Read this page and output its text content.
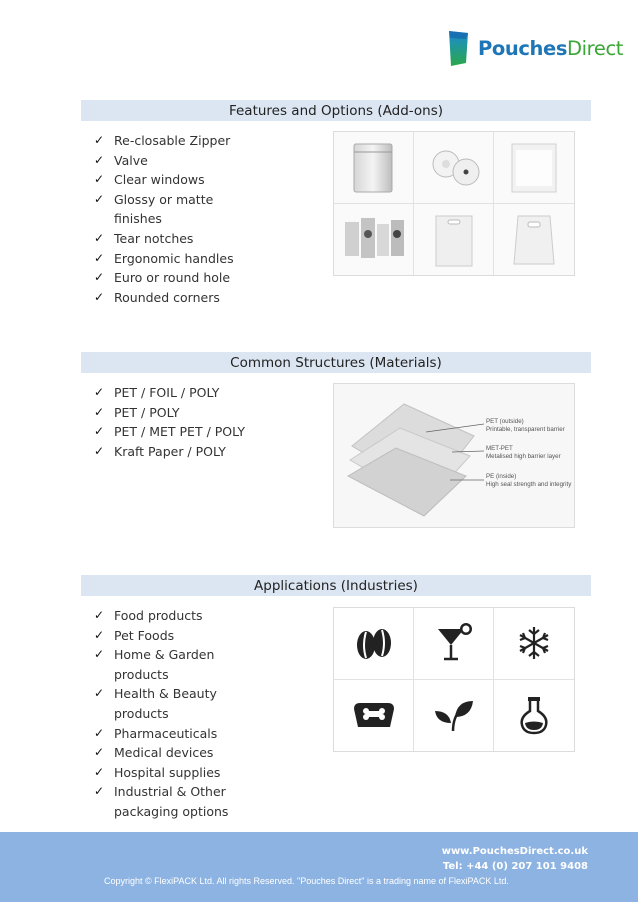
PouchesDirect
Features and Options (Add-ons)
✓ Re-closable Zipper
✓ Valve
✓ Clear windows
✓ Glossy or matte finishes
✓ Tear notches
✓ Ergonomic handles
✓ Euro or round hole
✓ Rounded corners
Common Structures (Materials)
✓ PET / FOIL / POLY
✓ PET / POLY
✓ PET / MET PET / POLY
✓ Kraft Paper / POLY
PET (outside)
Printable, transparent barrier
MET-PET
Metalised high barrier layer
PE (inside)
High seal strength and integrity
Applications (Industries)
✓ Food products
✓ Pet Foods
✓ Home & Garden products
✓ Health & Beauty products
✓ Pharmaceuticals
✓ Medical devices
✓ Hospital supplies
✓ Industrial & Other packaging options
www.PouchesDirect.co.uk
Tel: +44 (0) 207 101 9408
Copyright © FlexiPACK Ltd. All rights Reserved. "Pouches Direct" is a trading name of FlexiPACK Ltd.
